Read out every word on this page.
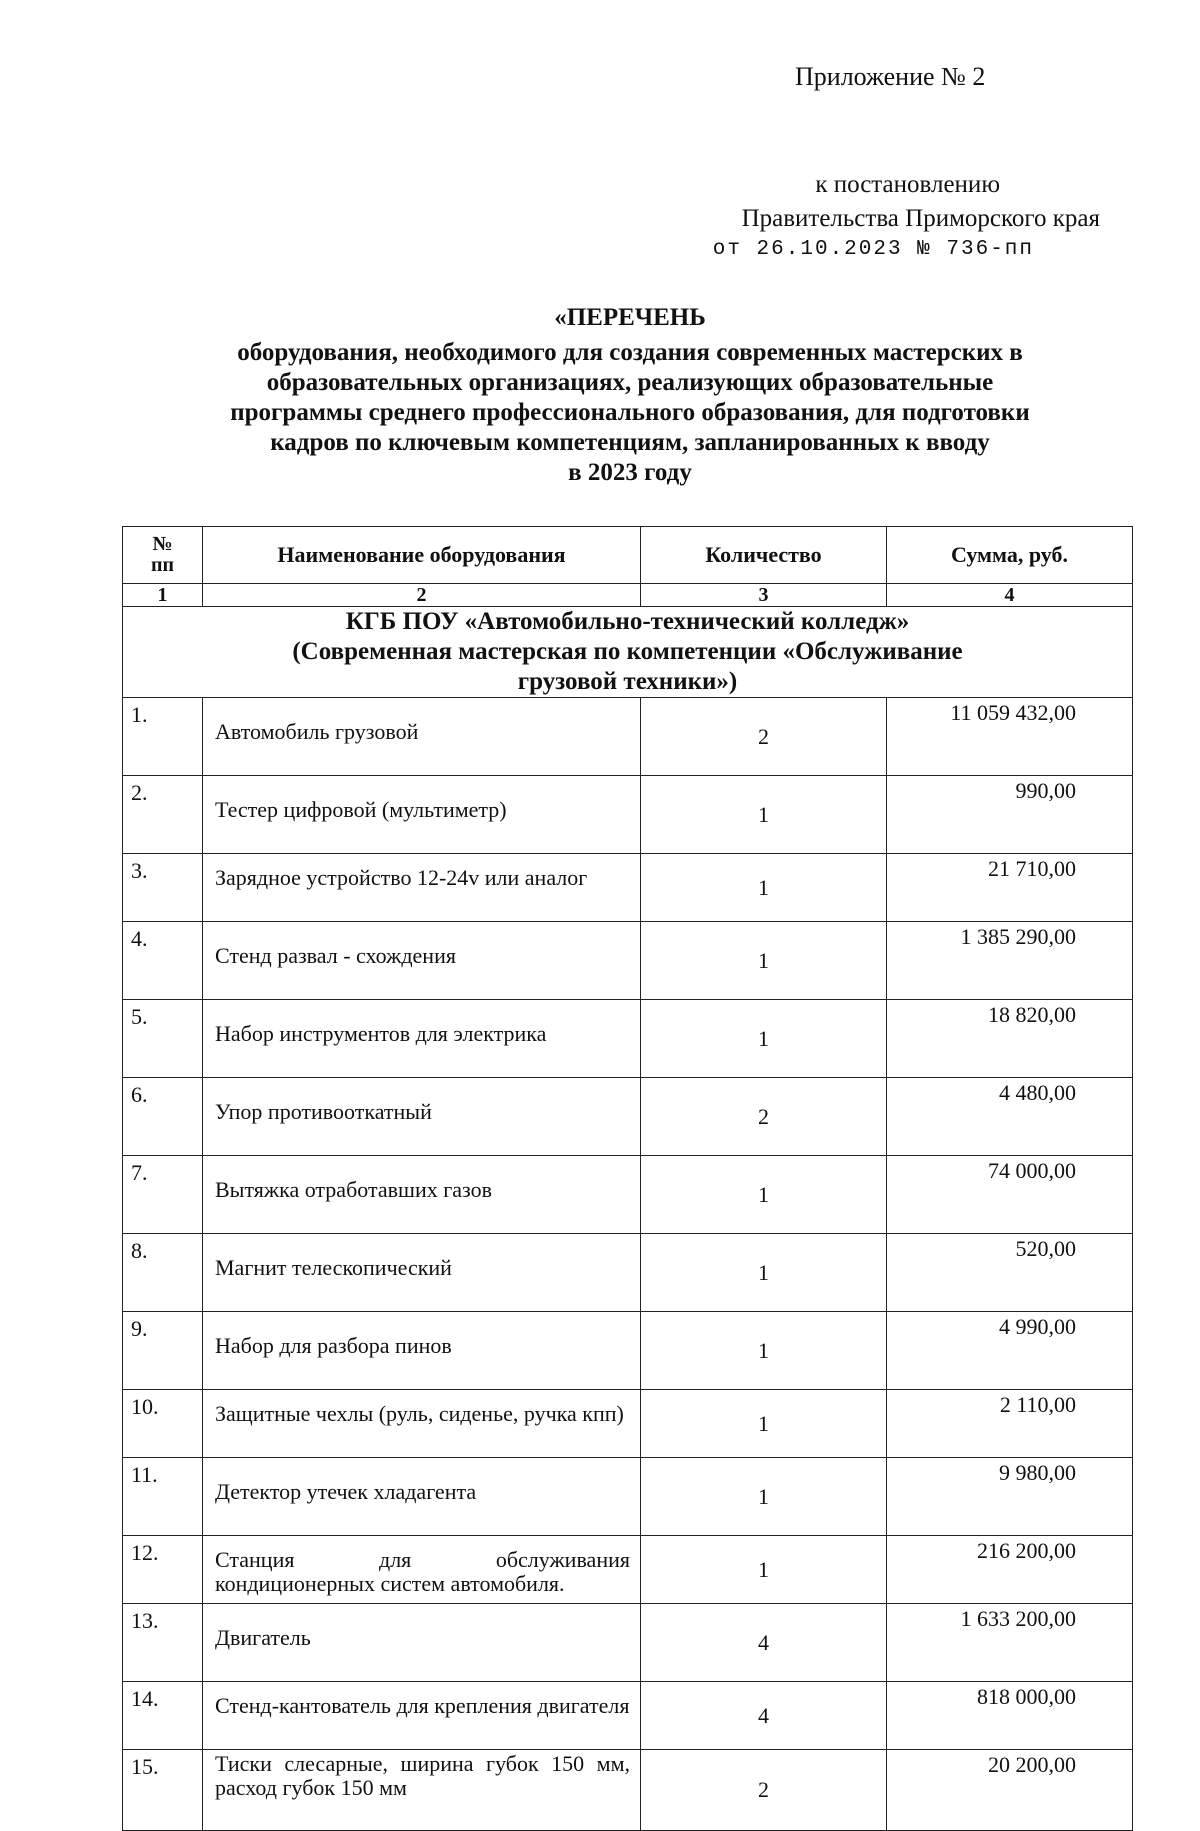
Приложение № 2
к постановлению
Правительства Приморского края
от 26.10.2023 № 736-пп
«ПЕРЕЧЕНЬ
оборудования, необходимого для создания современных мастерских в
образовательных организациях, реализующих образовательные
программы среднего профессионального образования, для подготовки
кадров по ключевым компетенциям, запланированных к вводу
в 2023 году
№
пп	Наименование оборудования	Количество	Сумма, руб.
1	2	3	4

КГБ ПОУ «Автомобильно-технический колледж»
(Современная мастерская по компетенции «Обслуживание
грузовой техники»)			

1.	Автомобиль грузовой	2	11 059 432,00
2.	Тестер цифровой (мультиметр)	1	990,00
3.	Зарядное устройство 12-24v или аналог	1	21 710,00
4.	Стенд развал - схождения	1	1 385 290,00
5.	Набор инструментов для электрика	1	18 820,00
6.	Упор противооткатный	2	4 480,00
7.	Вытяжка отработавших газов	1	74 000,00
8.	Магнит телескопический	1	520,00
9.	Набор для разбора пинов	1	4 990,00
10.	Защитные чехлы (руль, сиденье, ручка кпп)	1	2 110,00
11.	Детектор утечек хладагента	1	9 980,00
12.	Станция для обслуживания кондиционерных систем автомобиля.	1	216 200,00
13.	Двигатель	4	1 633 200,00
14.	Стенд-кантователь для крепления двигателя	4	818 000,00
15.	Тиски слесарные, ширина губок 150 мм, расход губок 150 мм	2	20 200,00
